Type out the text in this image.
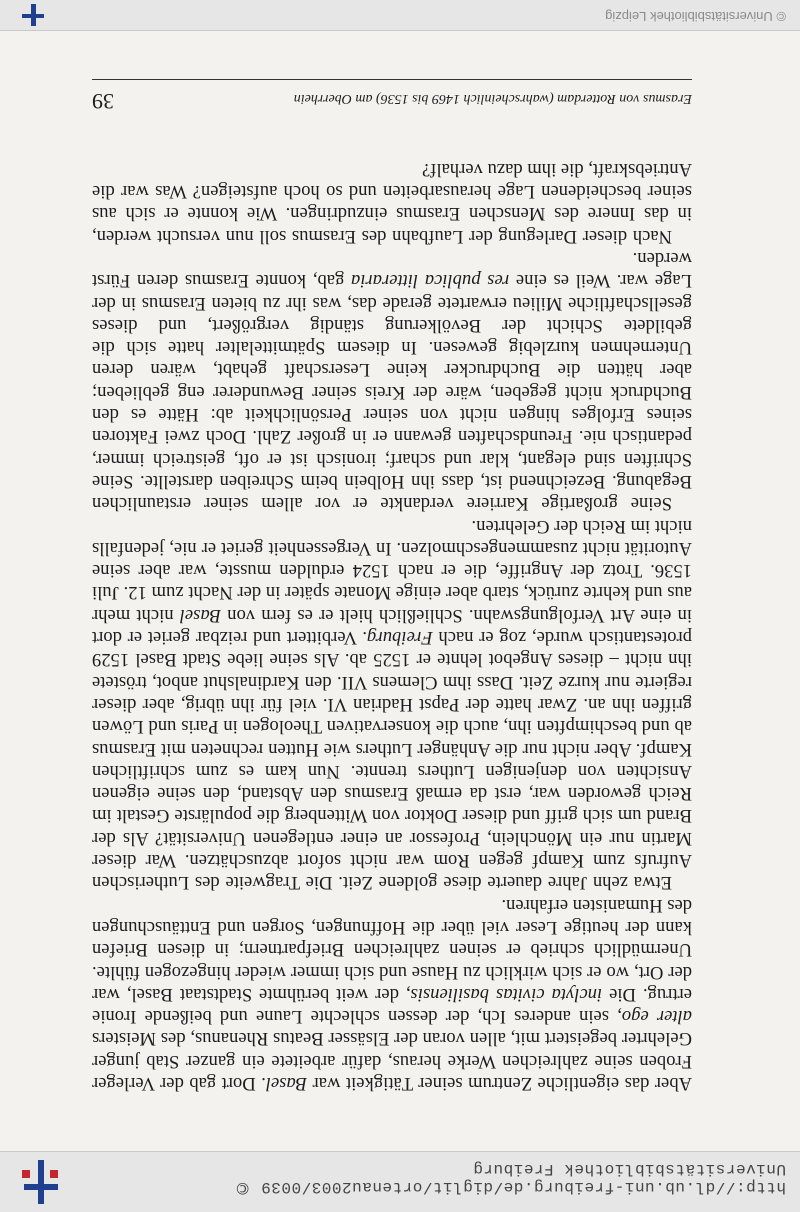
http://dl.ub.uni-freiburg.de/diglit/ortenau2003/0039 © Universitätsbibliothek Freiburg

Aber das eigentliche Zentrum seiner Tätigkeit war Basel. Dort gab der Verleger Froben seine zahlreichen Werke heraus, dafür arbeitete ein ganzer Stab junger Gelehrter begeistert mit, allen voran der Elsässer Beatus Rhenanus, des Meisters alter ego, sein anderes Ich, der dessen schlechte Laune und beißende Ironie ertrug. Die inclyta civitas basiliensis, der weit berühmte Stadtstaat Basel, war der Ort, wo er sich wirklich zu Hause und sich immer wieder hingezogen fühlte. Unermüdlich schrieb er seinen zahlreichen Briefpartnern; in diesen Briefen kann der heutige Leser viel über die Hoffnungen, Sorgen und Enttäuschungen des Humanisten erfahren.

Etwa zehn Jahre dauerte diese goldene Zeit. Die Tragweite des Lutherischen Aufrufs zum Kampf gegen Rom war nicht sofort abzuschätzen. War dieser Martin nur ein Mönchlein, Professor an einer entlegenen Universität? Als der Brand um sich griff und dieser Doktor von Wittenberg die populärste Gestalt im Reich geworden war, erst da ermaß Erasmus den Abstand, den seine eigenen Ansichten von denjenigen Luthers trennte. Nun kam es zum schriftlichen Kampf. Aber nicht nur die Anhänger Luthers wie Hutten rechneten mit Erasmus ab und beschimpften ihn, auch die konservativen Theologen in Paris und Löwen griffen ihn an. Zwar hatte der Papst Hadrian VI. viel für ihn übrig, aber dieser regierte nur kurze Zeit. Dass ihm Clemens VII. den Kardinalshut anbot, tröstete ihn nicht – dieses Angebot lehnte er 1525 ab. Als seine liebe Stadt Basel 1529 protestantisch wurde, zog er nach Freiburg. Verbittert und reizbar geriet er dort in eine Art Verfolgungswahn. Schließlich hielt er es fern von Basel nicht mehr aus und kehrte zurück, starb aber einige Monate später in der Nacht zum 12. Juli 1536. Trotz der Angriffe, die er nach 1524 erdulden musste, war aber seine Autorität nicht zusammengeschmolzen. In Vergessenheit geriet er nie, jedenfalls nicht im Reich der Gelehrten.

Seine großartige Karriere verdankte er vor allem seiner erstaunlichen Begabung. Bezeichnend ist, dass ihn Holbein beim Schreiben darstellte. Seine Schriften sind elegant, klar und scharf; ironisch ist er oft, geistreich immer, pedantisch nie. Freundschaften gewann er in großer Zahl. Doch zwei Faktoren seines Erfolges hingen nicht von seiner Persönlichkeit ab: Hätte es den Buchdruck nicht gegeben, wäre der Kreis seiner Bewunderer eng geblieben; aber hätten die Buchdrucker keine Leserschaft gehabt, wären deren Unternehmen kurzlebig gewesen. In diesem Spätmittelalter hatte sich die gebildete Schicht der Bevölkerung ständig vergrößert, und dieses gesellschaftliche Milieu erwartete gerade das, was ihr zu bieten Erasmus in der Lage war. Weil es eine res publica litteraria gab, konnte Erasmus deren Fürst werden.

Nach dieser Darlegung der Laufbahn des Erasmus soll nun versucht werden, in das Innere des Menschen Erasmus einzudringen. Wie konnte er sich aus seiner bescheidenen Lage herausarbeiten und so hoch aufsteigen? Was war die Antriebskraft, die ihm dazu verhalf?

Erasmus von Rotterdam (wahrscheinlich 1469 bis 1536) am Oberrhein
39
© Universitätsbibliothek Leipzig
